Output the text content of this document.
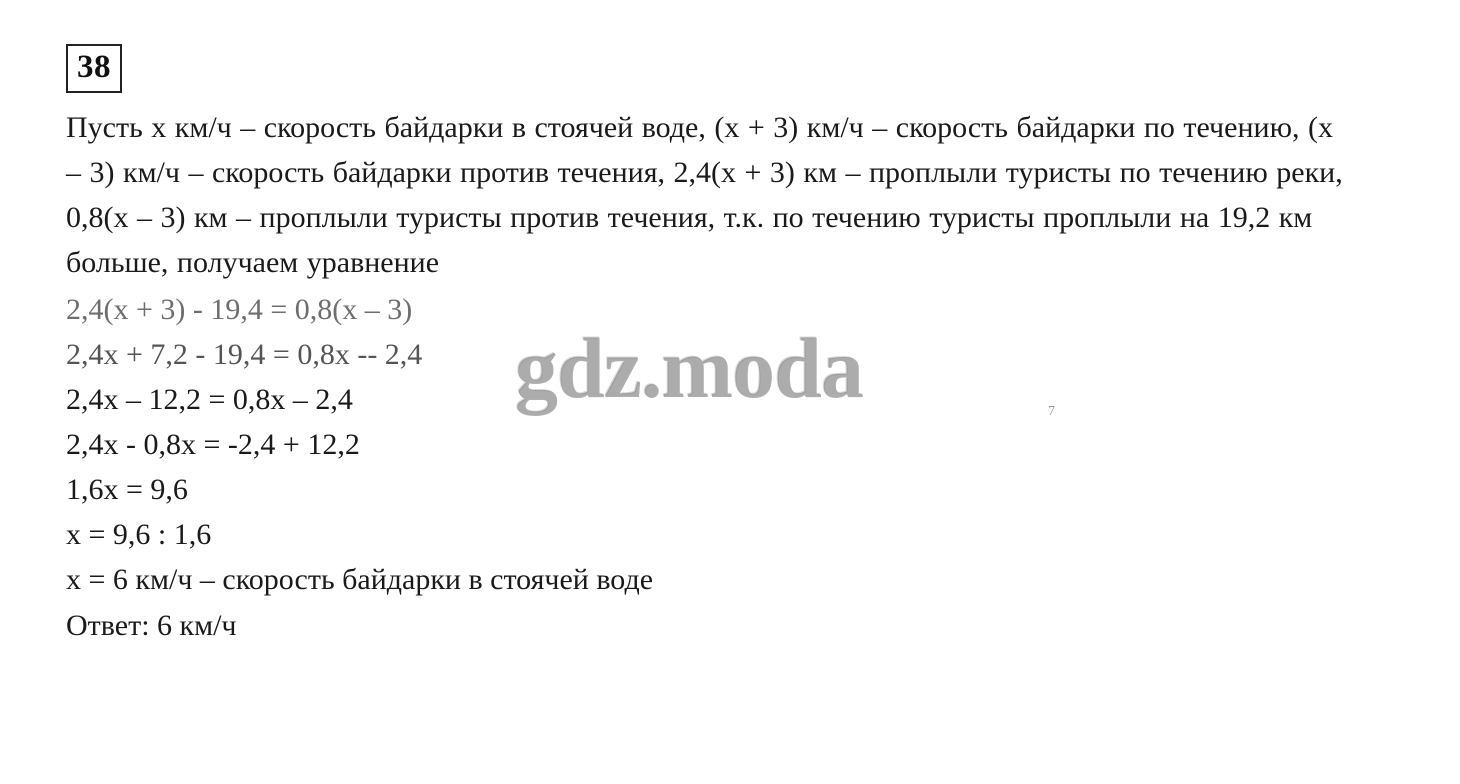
38
Пусть x км/ч – скорость байдарки в стоячей воде, (x + 3) км/ч – скорость байдарки по течению, (x – 3) км/ч – скорость байдарки против течения, 2,4(x + 3) км – проплыли туристы по течению реки, 0,8(x – 3) км – проплыли туристы против течения, т.к. по течению туристы проплыли на 19,2 км больше, получаем уравнение
2,4(x + 3) - 19,4 = 0,8(x – 3)
2,4x + 7,2 - 19,4 = 0,8x -- 2,4
2,4x – 12,2 = 0,8x – 2,4
2,4x - 0,8x = -2,4 + 12,2
1,6x = 9,6
x = 9,6 : 1,6
x = 6 км/ч – скорость байдарки в стоячей воде
Ответ: 6 км/ч
gdz.moda	7
